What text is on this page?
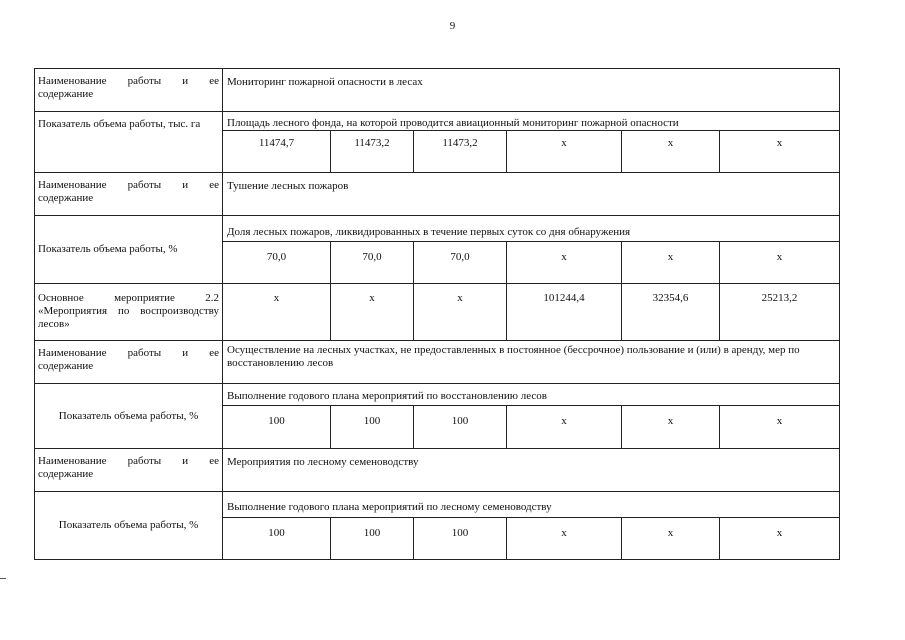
9
Наименование работы и ее содержание	Мониторинг пожарной опасности в лесах					
Показатель объема работы, тыс. га	Площадь лесного фонда, на которой проводится авиационный мониторинг пожарной опасности					
	11474,7	11473,2	11473,2	x	x	x
Наименование работы и ее содержание	Тушение лесных пожаров					
Показатель объема работы, %	Доля лесных пожаров, ликвидированных в течение первых суток со дня обнаружения					
	70,0	70,0	70,0	x	x	x
Основное мероприятие 2.2 «Мероприятия по воспроизводству лесов»	x	x	x	101244,4	32354,6	25213,2
Наименование работы и ее содержание	Осуществление на лесных участках, не предоставленных в постоянное (бессрочное) пользование и (или) в аренду, мер по восстановлению лесов					
Показатель объема работы, %	Выполнение годового плана мероприятий по восстановлению лесов					
	100	100	100	x	x	x
Наименование работы и ее содержание	Мероприятия по лесному семеноводству					
Показатель объема работы, %	Выполнение годового плана мероприятий по лесному семеноводству					
	100	100	100	x	x	x
